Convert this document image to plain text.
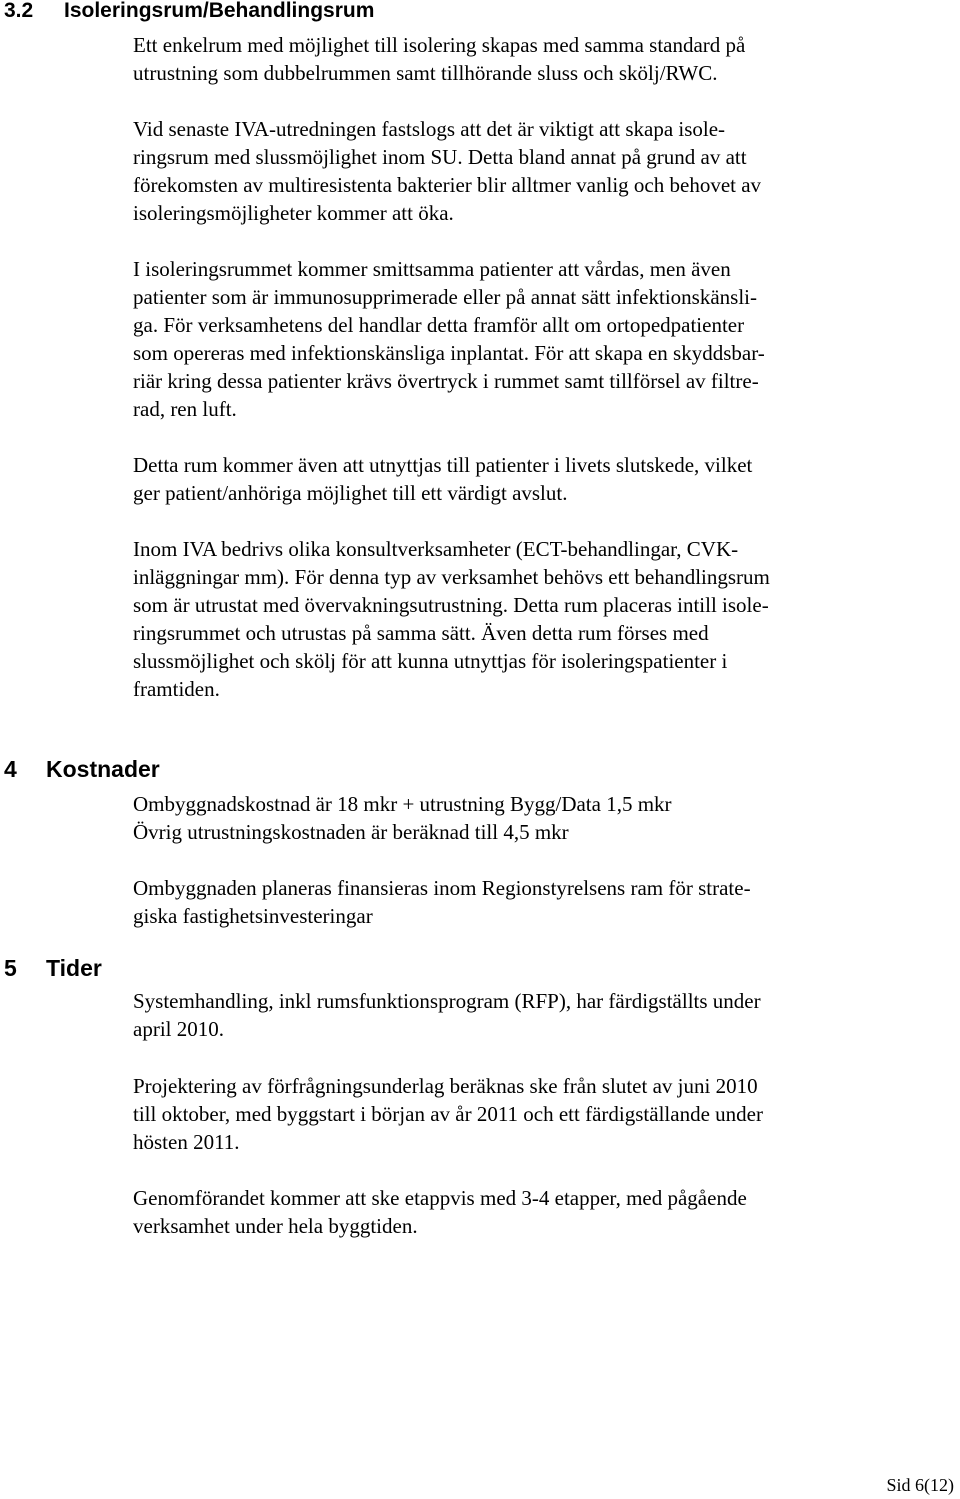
3.2 Isoleringsrum/Behandlingsrum

Ett enkelrum med möjlighet till isolering skapas med samma standard på
utrustning som dubbelrummen samt tillhörande sluss och skölj/RWC.

Vid senaste IVA-utredningen fastslogs att det är viktigt att skapa isole-
ringsrum med slussmöjlighet inom SU. Detta bland annat på grund av att
förekomsten av multiresistenta bakterier blir alltmer vanlig och behovet av
isoleringsmöjligheter kommer att öka.

I isoleringsrummet kommer smittsamma patienter att vårdas, men även
patienter som är immunosupprimerade eller på annat sätt infektionskänsli-
ga. För verksamhetens del handlar detta framför allt om ortopedpatienter
som opereras med infektionskänsliga inplantat. För att skapa en skyddsbar-
riär kring dessa patienter krävs övertryck i rummet samt tillförsel av filtre-
rad, ren luft.

Detta rum kommer även att utnyttjas till patienter i livets slutskede, vilket
ger patient/anhöriga möjlighet till ett värdigt avslut.

Inom IVA bedrivs olika konsultverksamheter (ECT-behandlingar, CVK-
inläggningar mm). För denna typ av verksamhet behövs ett behandlingsrum
som är utrustat med övervakningsutrustning. Detta rum placeras intill isole-
ringsrummet och utrustas på samma sätt. Även detta rum förses med
slussmöjlighet och skölj för att kunna utnyttjas för isoleringspatienter i
framtiden.

4 Kostnader

Ombyggnadskostnad är 18 mkr + utrustning Bygg/Data 1,5 mkr
Övrig utrustningskostnaden är beräknad till 4,5 mkr

Ombyggnaden planeras finansieras inom Regionstyrelsens ram för strate-
giska fastighetsinvesteringar

5 Tider

Systemhandling, inkl rumsfunktionsprogram (RFP), har färdigställts under
april 2010.

Projektering av förfrågningsunderlag beräknas ske från slutet av juni 2010
till oktober, med byggstart i början av år 2011 och ett färdigställande under
hösten 2011.

Genomförandet kommer att ske etappvis med 3-4 etapper, med pågående
verksamhet under hela byggtiden.

Sid 6(12)
